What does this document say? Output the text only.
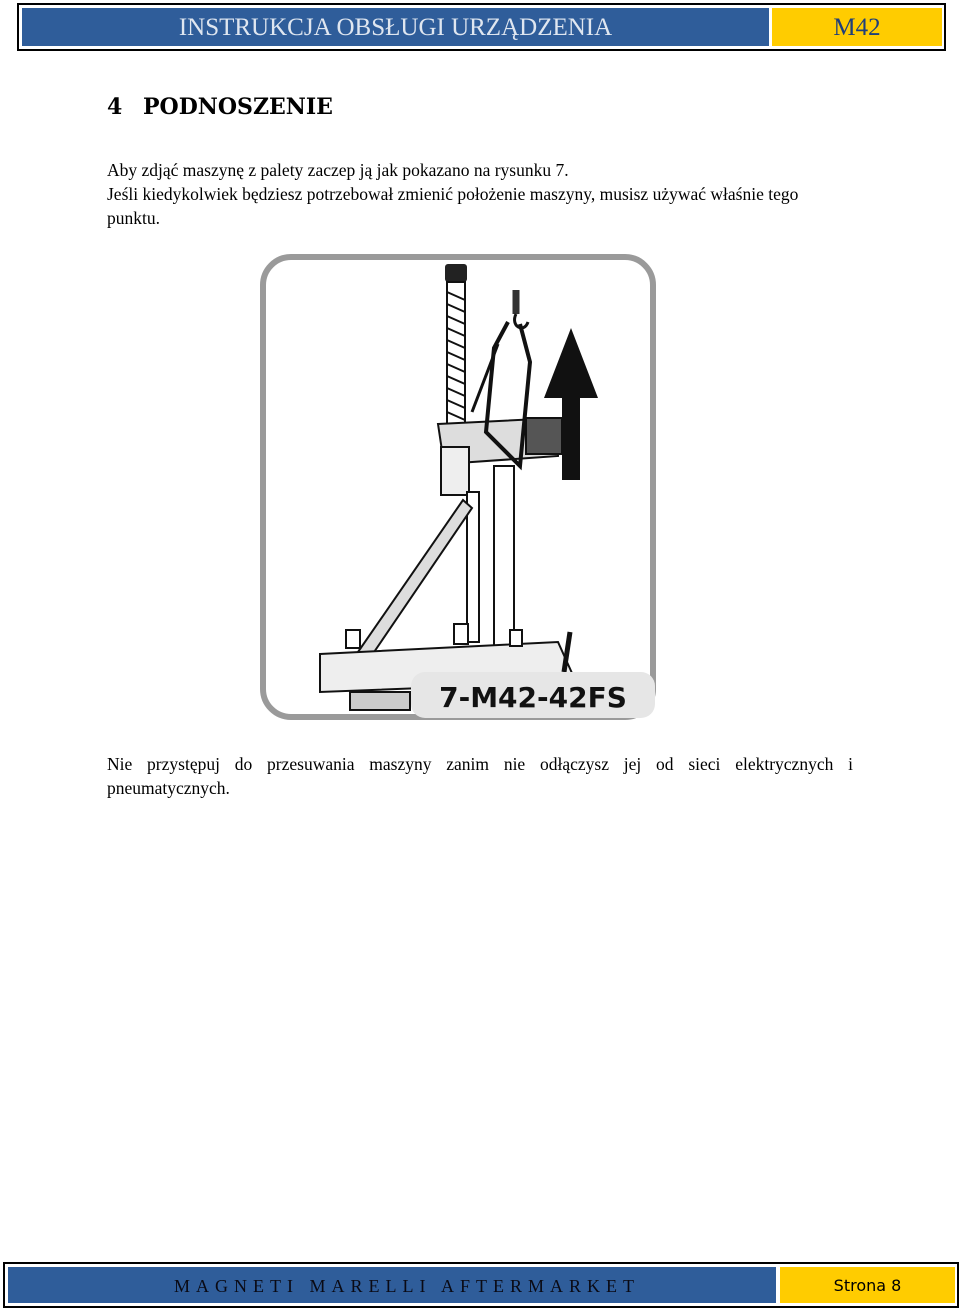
INSTRUKCJA OBSŁUGI URZĄDZENIA	M42
4 PODNOSZENIE

Aby zdjąć maszynę z palety zaczep ją jak pokazano na rysunku 7.

Jeśli kiedykolwiek będziesz potrzebował zmienić położenie maszyny, musisz używać właśnie tego punktu.

7-M42-42FS
Nie przystępuj do przesuwania maszyny zanim nie odłączysz jej od sieci elektrycznych i pneumatycznych.
MAGNETI MARELLI AFTERMARKET	Strona 8
